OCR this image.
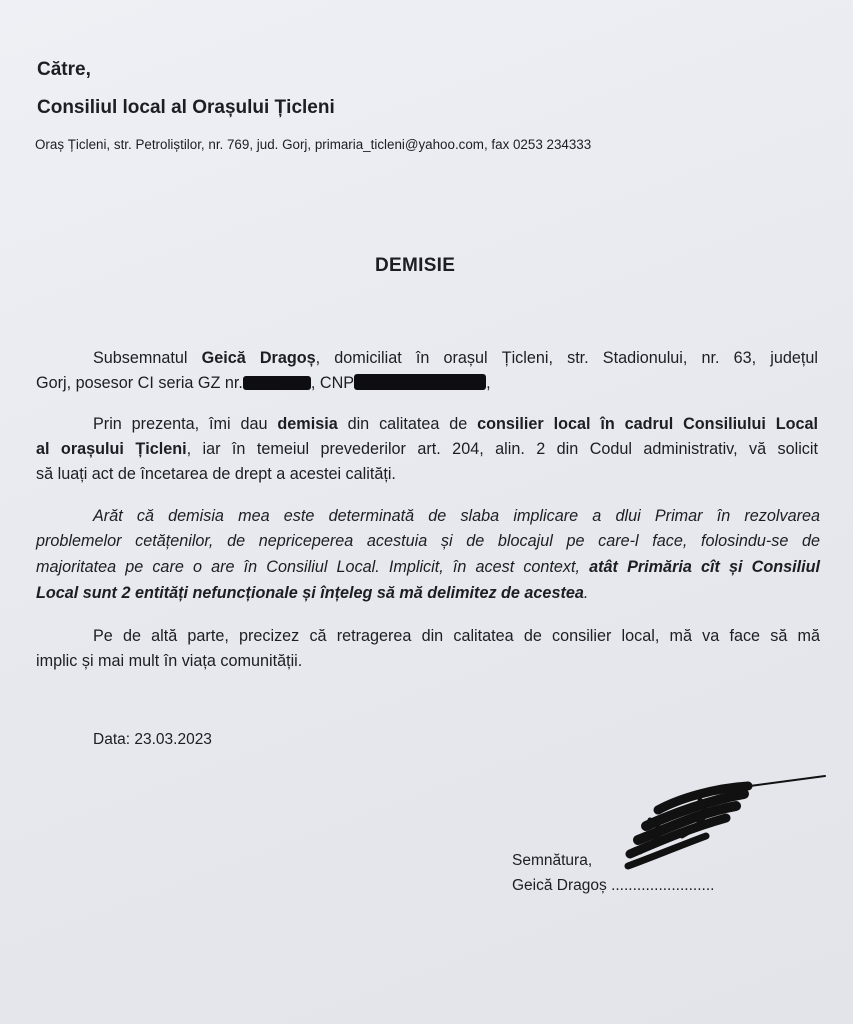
Către,
Consiliul local al Orașului Țicleni
Oraș Țicleni, str. Petroliștilor, nr. 769, jud. Gorj, primaria_ticleni@yahoo.com, fax 0253 234333
DEMISIE
Subsemnatul Geică Dragoș, domiciliat în orașul Țicleni, str. Stadionului, nr. 63, județul
Gorj, posesor CI seria GZ nr.	, CNP	,
Prin prezenta, îmi dau demisia din calitatea de consilier local în cadrul Consiliului Local
al orașului Țicleni, iar în temeiul prevederilor art. 204, alin. 2 din Codul administrativ, vă solicit
să luați act de încetarea de drept a acestei calități.
Arăt că demisia mea este determinată de slaba implicare a dlui Primar în rezolvarea
problemelor cetățenilor, de nepriceperea acestuia și de blocajul pe care-l face, folosindu-se de
majoritatea pe care o are în Consiliul Local. Implicit, în acest context, atât Primăria cît și Consiliul
Local sunt 2 entități nefuncționale și înțeleg să mă delimitez de acestea.
Pe de altă parte, precizez că retragerea din calitatea de consilier local, mă va face să mă
implic și mai mult în viața comunității.
Data: 23.03.2023
Semnătura,
Geică Dragoș ........................
